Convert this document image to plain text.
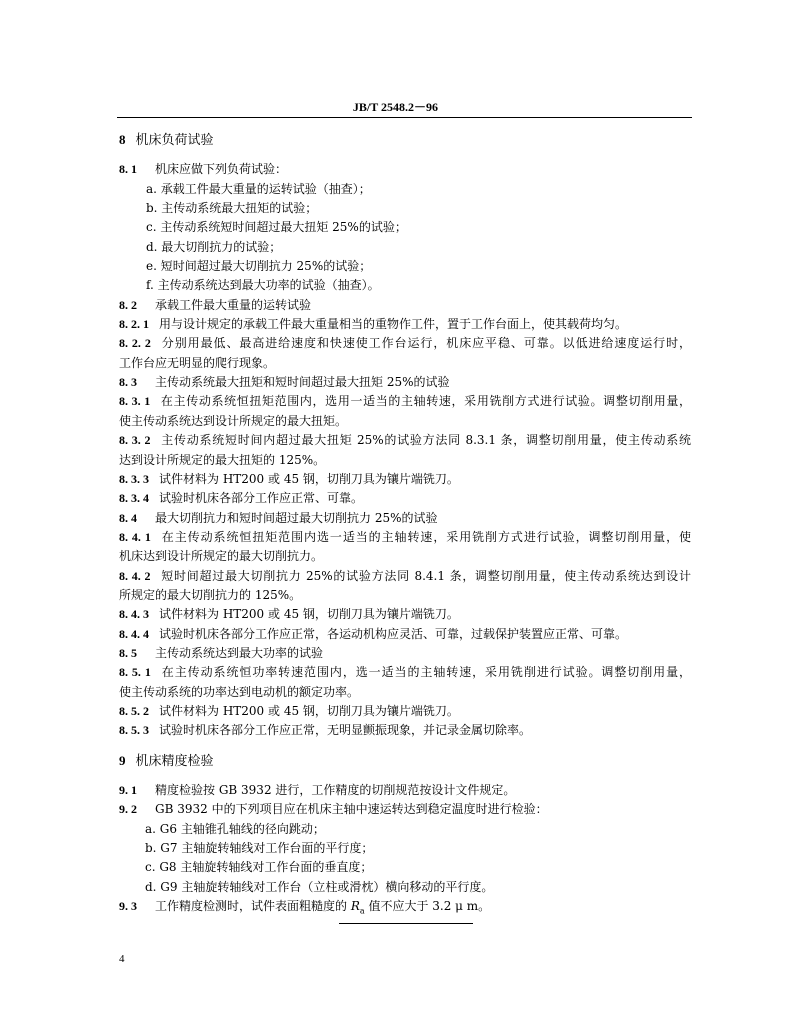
JB/T 2548.2－96
8 机床负荷试验
8. 1 机床应做下列负荷试验：
a. 承载工件最大重量的运转试验（抽查）；
b. 主传动系统最大扭矩的试验；
c. 主传动系统短时间超过最大扭矩 25%的试验；
d. 最大切削抗力的试验；
e. 短时间超过最大切削抗力 25%的试验；
f. 主传动系统达到最大功率的试验（抽查）。
8. 2 承载工件最大重量的运转试验
8. 2. 1 用与设计规定的承载工件最大重量相当的重物作工件，置于工作台面上，使其载荷均匀。
8. 2. 2 分别用最低、最高进给速度和快速使工作台运行，机床应平稳、可靠。以低进给速度运行时，
工作台应无明显的爬行现象。
8. 3 主传动系统最大扭矩和短时间超过最大扭矩 25%的试验
8. 3. 1 在主传动系统恒扭矩范围内，选用一适当的主轴转速，采用铣削方式进行试验。调整切削用量，
使主传动系统达到设计所规定的最大扭矩。
8. 3. 2 主传动系统短时间内超过最大扭矩 25%的试验方法同 8.3.1 条，调整切削用量，使主传动系统
达到设计所规定的最大扭矩的 125%。
8. 3. 3 试件材料为 HT200 或 45 钢，切削刀具为镶片端铣刀。
8. 3. 4 试验时机床各部分工作应正常、可靠。
8. 4 最大切削抗力和短时间超过最大切削抗力 25%的试验
8. 4. 1 在主传动系统恒扭矩范围内选一适当的主轴转速，采用铣削方式进行试验，调整切削用量，使
机床达到设计所规定的最大切削抗力。
8. 4. 2 短时间超过最大切削抗力 25%的试验方法同 8.4.1 条，调整切削用量，使主传动系统达到设计
所规定的最大切削抗力的 125%。
8. 4. 3 试件材料为 HT200 或 45 钢，切削刀具为镶片端铣刀。
8. 4. 4 试验时机床各部分工作应正常，各运动机构应灵活、可靠，过载保护装置应正常、可靠。
8. 5 主传动系统达到最大功率的试验
8. 5. 1 在主传动系统恒功率转速范围内，选一适当的主轴转速，采用铣削进行试验。调整切削用量，
使主传动系统的功率达到电动机的额定功率。
8. 5. 2 试件材料为 HT200 或 45 钢，切削刀具为镶片端铣刀。
8. 5. 3 试验时机床各部分工作应正常，无明显颤振现象，并记录金属切除率。
9 机床精度检验
9. 1 精度检验按 GB 3932 进行，工作精度的切削规范按设计文件规定。
9. 2 GB 3932 中的下列项目应在机床主轴中速运转达到稳定温度时进行检验：
a. G6 主轴锥孔轴线的径向跳动；
b. G7 主轴旋转轴线对工作台面的平行度；
c. G8 主轴旋转轴线对工作台面的垂直度；
d. G9 主轴旋转轴线对工作台（立柱或滑枕）横向移动的平行度。
9. 3 工作精度检测时，试件表面粗糙度的 $R_a$ 值不应大于 3.2 μ m。
4
